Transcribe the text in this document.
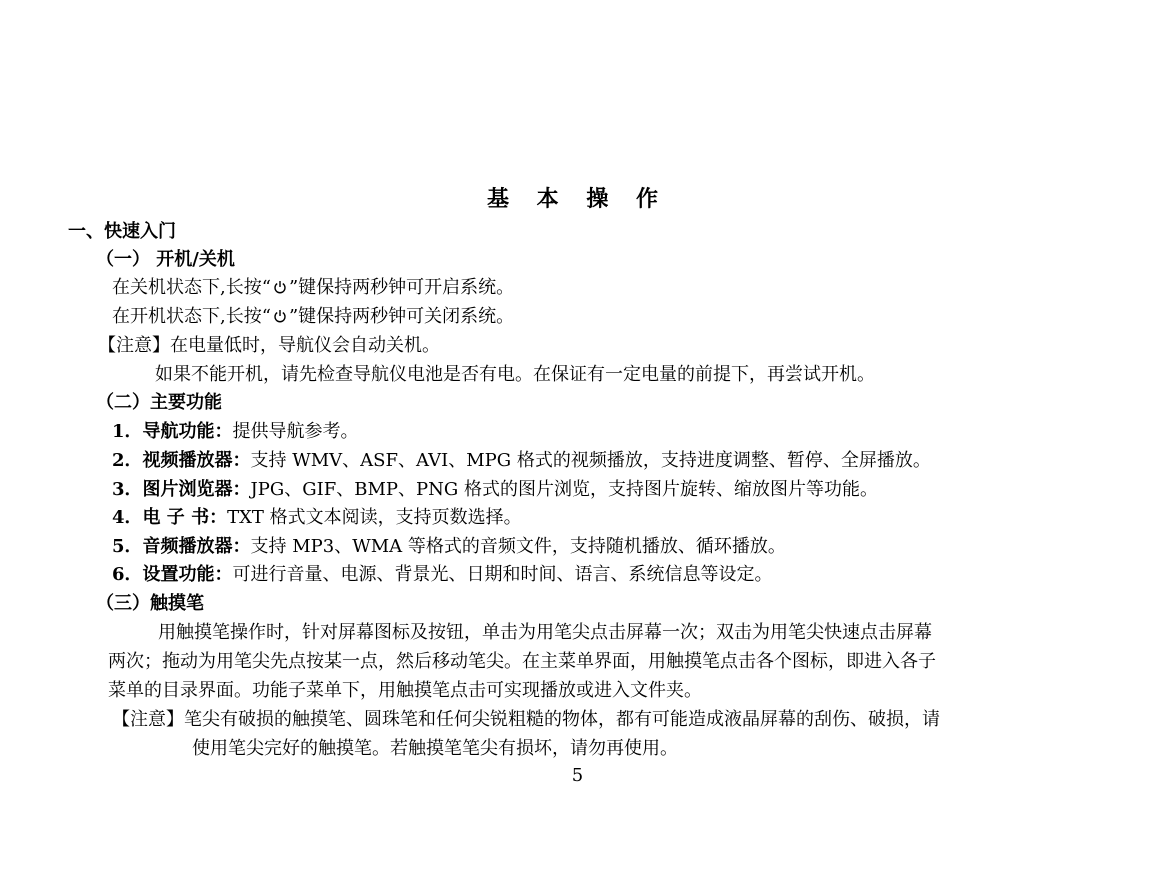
基 本 操 作
一、快速入门
（一） 开机/关机
在关机状态下,长按“ ”键保持两秒钟可开启系统。
在开机状态下,长按“ ”键保持两秒钟可关闭系统。
【注意】在电量低时，导航仪会自动关机。
如果不能开机，请先检查导航仪电池是否有电。在保证有一定电量的前提下，再尝试开机。
（二）主要功能
1．导航功能：提供导航参考。
2．视频播放器：支持 WMV、ASF、AVI、MPG 格式的视频播放，支持进度调整、暂停、全屏播放。
3．图片浏览器：JPG、GIF、BMP、PNG 格式的图片浏览，支持图片旋转、缩放图片等功能。
4．电 子 书：TXT 格式文本阅读，支持页数选择。
5．音频播放器：支持 MP3、WMA 等格式的音频文件，支持随机播放、循环播放。
6．设置功能：可进行音量、电源、背景光、日期和时间、语言、系统信息等设定。
（三）触摸笔
用触摸笔操作时，针对屏幕图标及按钮，单击为用笔尖点击屏幕一次；双击为用笔尖快速点击屏幕
两次；拖动为用笔尖先点按某一点，然后移动笔尖。在主菜单界面，用触摸笔点击各个图标，即进入各子
菜单的目录界面。功能子菜单下，用触摸笔点击可实现播放或进入文件夹。
【注意】笔尖有破损的触摸笔、圆珠笔和任何尖锐粗糙的物体，都有可能造成液晶屏幕的刮伤、破损，请
使用笔尖完好的触摸笔。若触摸笔笔尖有损坏，请勿再使用。
5
